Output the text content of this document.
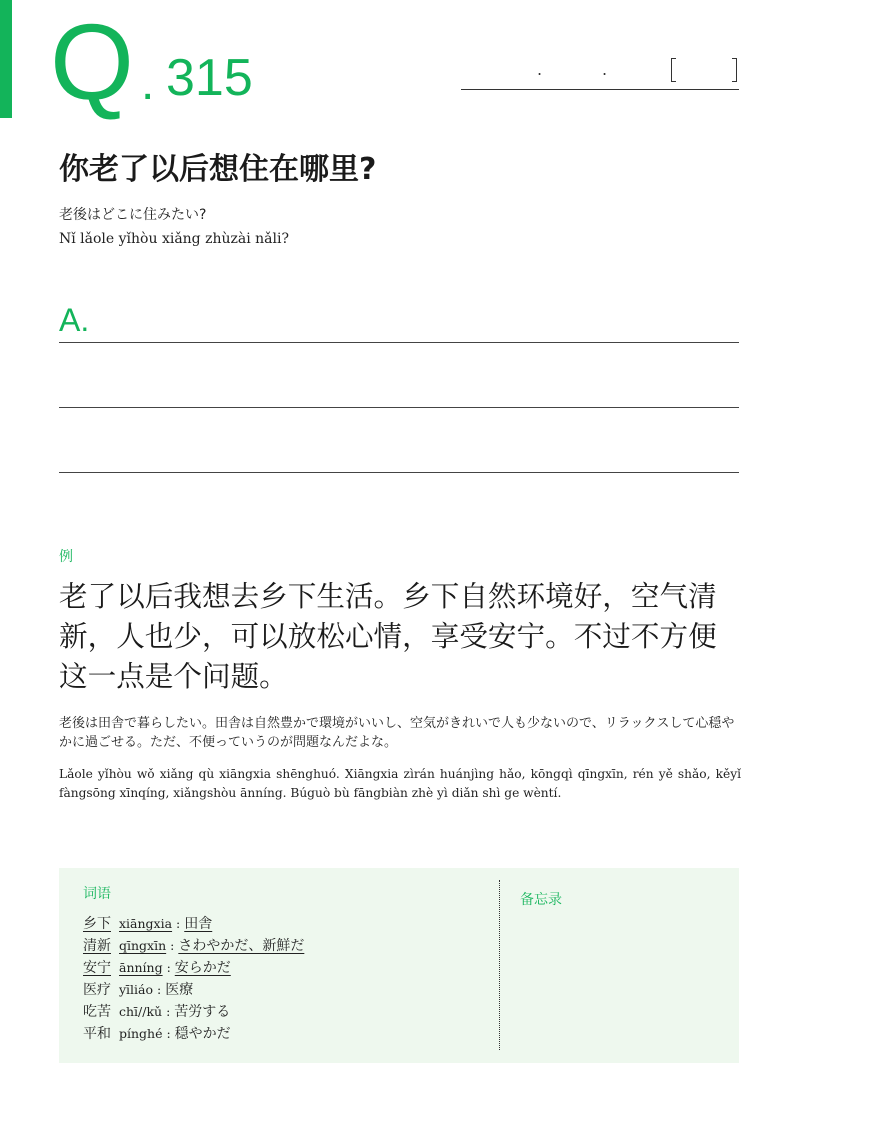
Q . 315	.	.
你老了以后想住在哪里?
老後はどこに住みたい?
Nǐ lǎole yǐhòu xiǎng zhùzài nǎli?
A.
例
老了以后我想去乡下生活。乡下自然环境好，空气清新，人也少，可以放松心情，享受安宁。不过不方便这一点是个问题。
老後は田舎で暮らしたい。田舎は自然豊かで環境がいいし、空気がきれいで人も少ないので、リラックスして心穏やかに過ごせる。ただ、不便っていうのが問題なんだよな。
Lǎole yǐhòu wǒ xiǎng qù xiāngxia shēnghuó. Xiāngxia zìrán huánjìng hǎo, kōngqì qīngxīn, rén yě shǎo, kěyǐ fàngsōng xīnqíng, xiǎngshòu ānníng. Búguò bù fāngbiàn zhè yì diǎn shì ge wèntí.
词语
乡下 xiāngxia : 田舎
清新 qīngxīn : さわやかだ、新鮮だ
安宁 ānníng : 安らかだ
医疗 yīliáo : 医療
吃苦 chī//kǔ : 苦労する
平和 pínghé : 穏やかだ
备忘录
